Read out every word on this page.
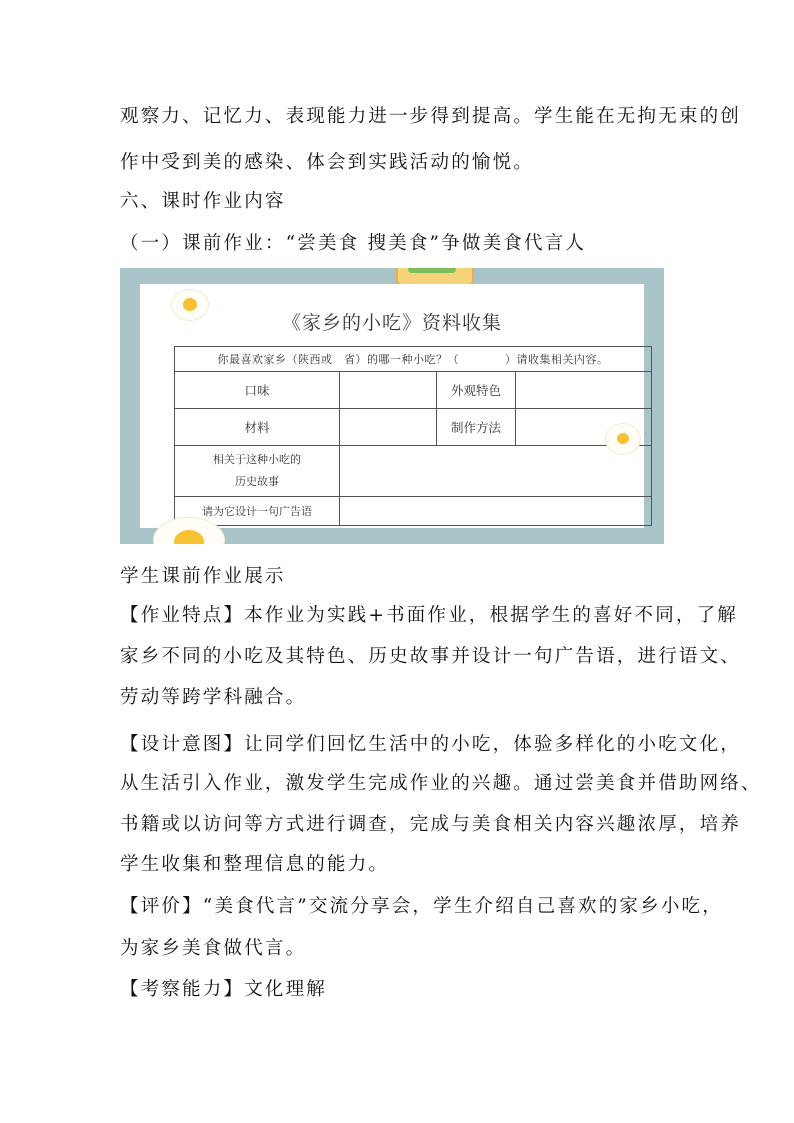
观察力、记忆力、表现能力进一步得到提高。学生能在无拘无束的创
作中受到美的感染、体会到实践活动的愉悦。
六、课时作业内容
（一）课前作业：“尝美食 搜美食”争做美食代言人
《家乡的小吃》资料收集
你最喜欢家乡（陕西或　省）的哪一种小吃？（　　　　）请收集相关内容。			
口味		外观特色	
材料		制作方法	

相关于这种小吃的
历史故事			

请为它设计一句广告语			
学生课前作业展示
【作业特点】本作业为实践+书面作业，根据学生的喜好不同，了解
家乡不同的小吃及其特色、历史故事并设计一句广告语，进行语文、
劳动等跨学科融合。
【设计意图】让同学们回忆生活中的小吃，体验多样化的小吃文化，
从生活引入作业，激发学生完成作业的兴趣。通过尝美食并借助网络、
书籍或以访问等方式进行调查，完成与美食相关内容兴趣浓厚，培养
学生收集和整理信息的能力。
【评价】“美食代言”交流分享会，学生介绍自己喜欢的家乡小吃，
为家乡美食做代言。
【考察能力】文化理解
